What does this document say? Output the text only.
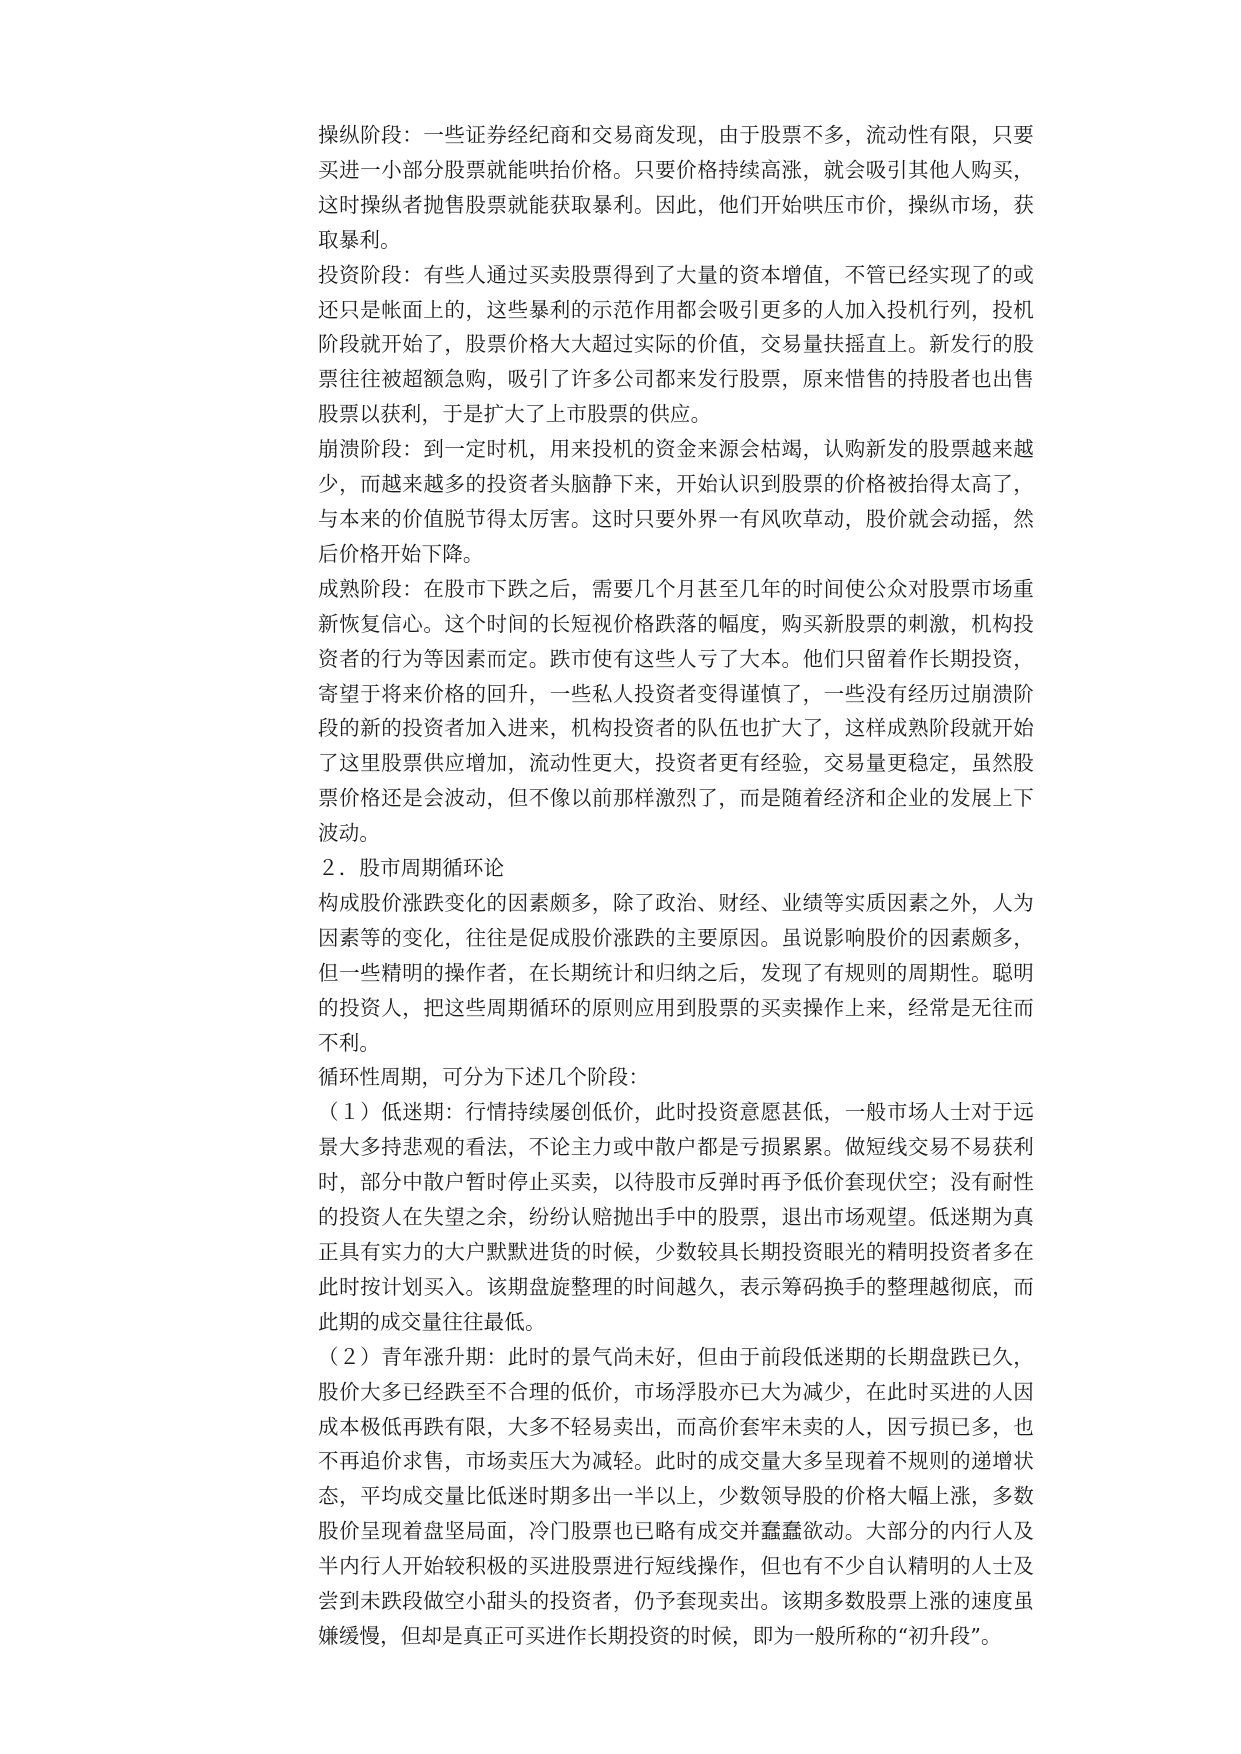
操纵阶段：一些证券经纪商和交易商发现，由于股票不多，流动性有限，只要买进一小部分股票就能哄抬价格。只要价格持续高涨，就会吸引其他人购买，这时操纵者抛售股票就能获取暴利。因此，他们开始哄压市价，操纵市场，获取暴利。

投资阶段：有些人通过买卖股票得到了大量的资本增值，不管已经实现了的或还只是帐面上的，这些暴利的示范作用都会吸引更多的人加入投机行列，投机阶段就开始了，股票价格大大超过实际的价值，交易量扶摇直上。新发行的股票往往被超额急购，吸引了许多公司都来发行股票，原来惜售的持股者也出售股票以获利，于是扩大了上市股票的供应。

崩溃阶段：到一定时机，用来投机的资金来源会枯竭，认购新发的股票越来越少，而越来越多的投资者头脑静下来，开始认识到股票的价格被抬得太高了，与本来的价值脱节得太厉害。这时只要外界一有风吹草动，股价就会动摇，然后价格开始下降。

成熟阶段：在股市下跌之后，需要几个月甚至几年的时间使公众对股票市场重新恢复信心。这个时间的长短视价格跌落的幅度，购买新股票的刺激，机构投资者的行为等因素而定。跌市使有这些人亏了大本。他们只留着作长期投资，寄望于将来价格的回升，一些私人投资者变得谨慎了，一些没有经历过崩溃阶段的新的投资者加入进来，机构投资者的队伍也扩大了，这样成熟阶段就开始了这里股票供应增加，流动性更大，投资者更有经验，交易量更稳定，虽然股票价格还是会波动，但不像以前那样激烈了，而是随着经济和企业的发展上下波动。

２．股市周期循环论

构成股价涨跌变化的因素颇多，除了政治、财经、业绩等实质因素之外，人为因素等的变化，往往是促成股价涨跌的主要原因。虽说影响股价的因素颇多，但一些精明的操作者，在长期统计和归纳之后，发现了有规则的周期性。聪明的投资人，把这些周期循环的原则应用到股票的买卖操作上来，经常是无往而不利。

循环性周期，可分为下述几个阶段：

（１）低迷期：行情持续屡创低价，此时投资意愿甚低，一般市场人士对于远景大多持悲观的看法，不论主力或中散户都是亏损累累。做短线交易不易获利时，部分中散户暂时停止买卖，以待股市反弹时再予低价套现伏空；没有耐性的投资人在失望之余，纷纷认赔抛出手中的股票，退出市场观望。低迷期为真正具有实力的大户默默进货的时候，少数较具长期投资眼光的精明投资者多在此时按计划买入。该期盘旋整理的时间越久，表示筹码换手的整理越彻底，而此期的成交量往往最低。

（２）青年涨升期：此时的景气尚未好，但由于前段低迷期的长期盘跌已久，股价大多已经跌至不合理的低价，市场浮股亦已大为减少，在此时买进的人因成本极低再跌有限，大多不轻易卖出，而高价套牢未卖的人，因亏损已多，也不再追价求售，市场卖压大为减轻。此时的成交量大多呈现着不规则的递增状态，平均成交量比低迷时期多出一半以上，少数领导股的价格大幅上涨，多数股价呈现着盘坚局面，冷门股票也已略有成交并蠢蠢欲动。大部分的内行人及半内行人开始较积极的买进股票进行短线操作，但也有不少自认精明的人士及尝到未跌段做空小甜头的投资者，仍予套现卖出。该期多数股票上涨的速度虽嫌缓慢，但却是真正可买进作长期投资的时候，即为一般所称的“初升段”。
